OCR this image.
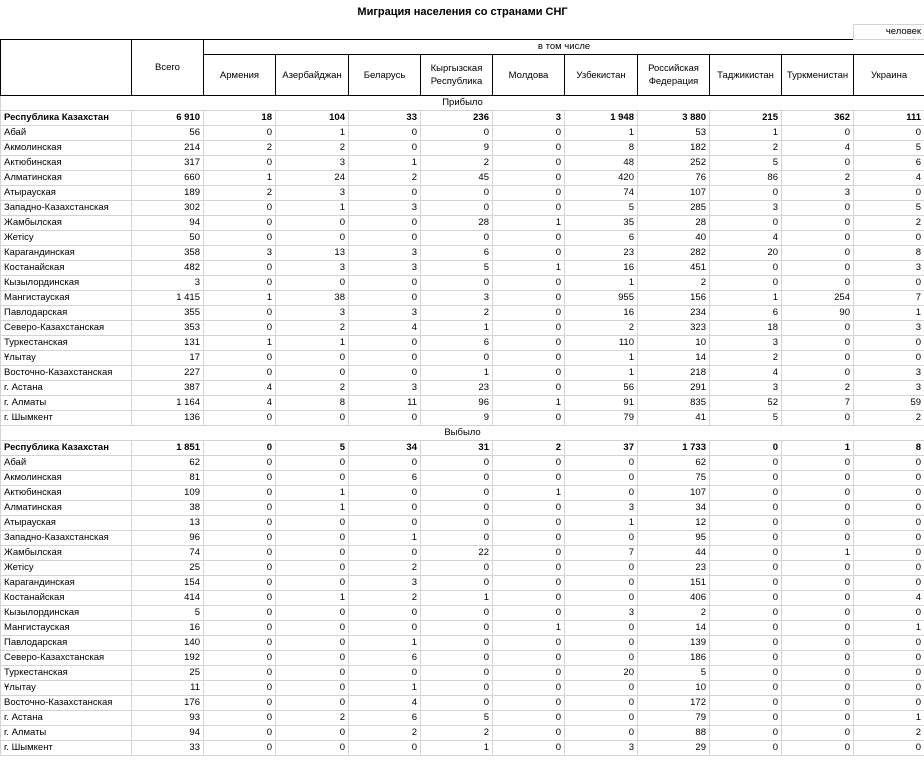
Миграция населения со странами СНГ											
											человек
	Всего	в том числе									
		Армения	Азербайджан	Беларусь	Кыргызская Республика	Молдова	Узбекистан	Российская Федерация	Таджикистан	Туркменистан	Украина
Прибыло											
Республика Казахстан	6 910	18	104	33	236	3	1 948	3 880	215	362	111
Абай	56	0	1	0	0	0	1	53	1	0	0
Акмолинская	214	2	2	0	9	0	8	182	2	4	5
Актюбинская	317	0	3	1	2	0	48	252	5	0	6
Алматинская	660	1	24	2	45	0	420	76	86	2	4
Атырауская	189	2	3	0	0	0	74	107	0	3	0
Западно-Казахстанская	302	0	1	3	0	0	5	285	3	0	5
Жамбылская	94	0	0	0	28	1	35	28	0	0	2
Жетісу	50	0	0	0	0	0	6	40	4	0	0
Карагандинская	358	3	13	3	6	0	23	282	20	0	8
Костанайская	482	0	3	3	5	1	16	451	0	0	3
Кызылординская	3	0	0	0	0	0	1	2	0	0	0
Мангистауская	1 415	1	38	0	3	0	955	156	1	254	7
Павлодарская	355	0	3	3	2	0	16	234	6	90	1
Северо-Казахстанская	353	0	2	4	1	0	2	323	18	0	3
Туркестанская	131	1	1	0	6	0	110	10	3	0	0
Ұлытау	17	0	0	0	0	0	1	14	2	0	0
Восточно-Казахстанская	227	0	0	0	1	0	1	218	4	0	3
г. Астана	387	4	2	3	23	0	56	291	3	2	3
г. Алматы	1 164	4	8	11	96	1	91	835	52	7	59
г. Шымкент	136	0	0	0	9	0	79	41	5	0	2
Выбыло											
Республика Казахстан	1 851	0	5	34	31	2	37	1 733	0	1	8
Абай	62	0	0	0	0	0	0	62	0	0	0
Акмолинская	81	0	0	6	0	0	0	75	0	0	0
Актюбинская	109	0	1	0	0	1	0	107	0	0	0
Алматинская	38	0	1	0	0	0	3	34	0	0	0
Атырауская	13	0	0	0	0	0	1	12	0	0	0
Западно-Казахстанская	96	0	0	1	0	0	0	95	0	0	0
Жамбылская	74	0	0	0	22	0	7	44	0	1	0
Жетісу	25	0	0	2	0	0	0	23	0	0	0
Карагандинская	154	0	0	3	0	0	0	151	0	0	0
Костанайская	414	0	1	2	1	0	0	406	0	0	4
Кызылординская	5	0	0	0	0	0	3	2	0	0	0
Мангистауская	16	0	0	0	0	1	0	14	0	0	1
Павлодарская	140	0	0	1	0	0	0	139	0	0	0
Северо-Казахстанская	192	0	0	6	0	0	0	186	0	0	0
Туркестанская	25	0	0	0	0	0	20	5	0	0	0
Ұлытау	11	0	0	1	0	0	0	10	0	0	0
Восточно-Казахстанская	176	0	0	4	0	0	0	172	0	0	0
г. Астана	93	0	2	6	5	0	0	79	0	0	1
г. Алматы	94	0	0	2	2	0	0	88	0	0	2
г. Шымкент	33	0	0	0	1	0	3	29	0	0	0
